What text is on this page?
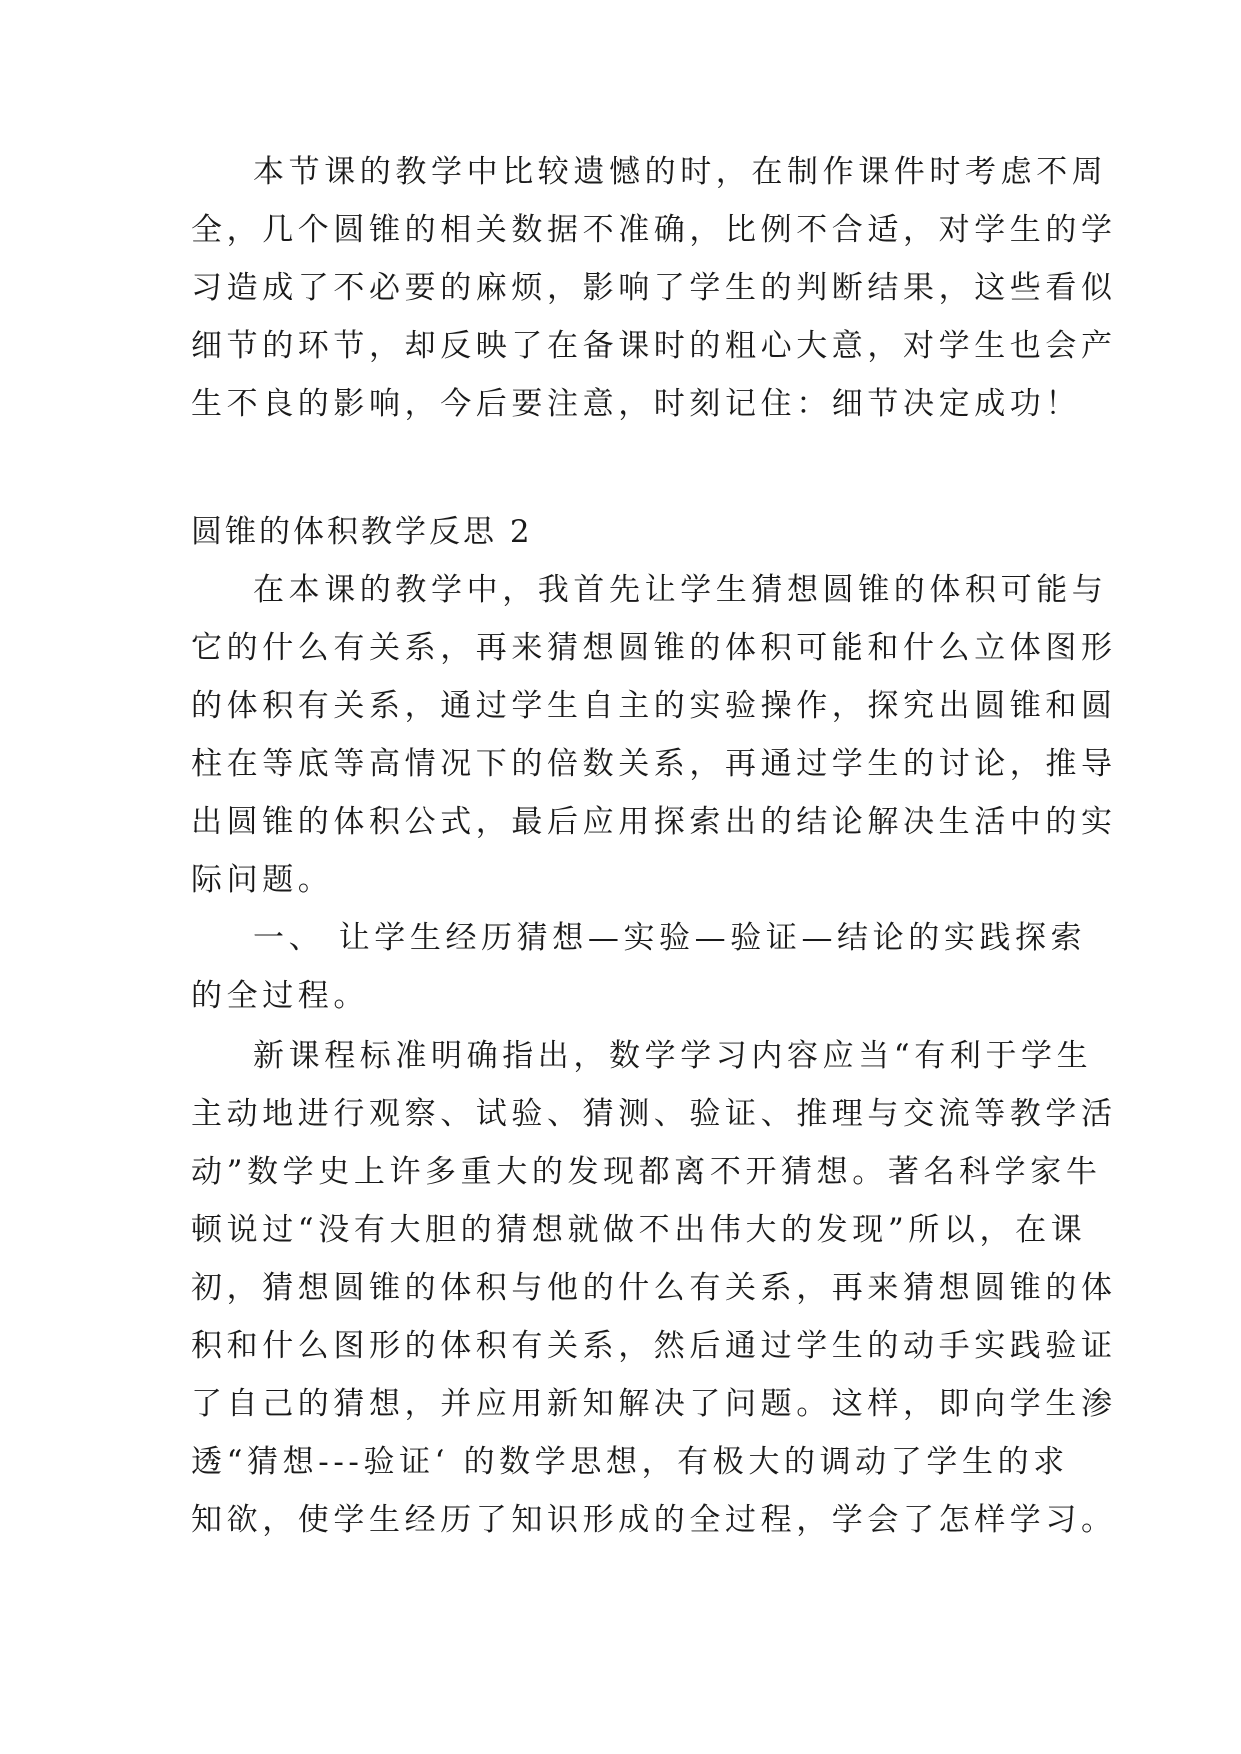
本节课的教学中比较遗憾的时，在制作课件时考虑不周
全，几个圆锥的相关数据不准确，比例不合适，对学生的学
习造成了不必要的麻烦，影响了学生的判断结果，这些看似
细节的环节，却反映了在备课时的粗心大意，对学生也会产
生不良的影响，今后要注意，时刻记住：细节决定成功！
圆锥的体积教学反思 2
在本课的教学中，我首先让学生猜想圆锥的体积可能与
它的什么有关系，再来猜想圆锥的体积可能和什么立体图形
的体积有关系，通过学生自主的实验操作，探究出圆锥和圆
柱在等底等高情况下的倍数关系，再通过学生的讨论，推导
出圆锥的体积公式，最后应用探索出的结论解决生活中的实
际问题。
一、 让学生经历猜想—实验—验证—结论的实践探索
的全过程。
新课程标准明确指出，数学学习内容应当“有利于学生
主动地进行观察、试验、猜测、验证、推理与交流等教学活
动”数学史上许多重大的发现都离不开猜想。著名科学家牛
顿说过“没有大胆的猜想就做不出伟大的发现”所以，在课
初，猜想圆锥的体积与他的什么有关系，再来猜想圆锥的体
积和什么图形的体积有关系，然后通过学生的动手实践验证
了自己的猜想，并应用新知解决了问题。这样，即向学生渗
透“猜想---验证‘ 的数学思想，有极大的调动了学生的求
知欲，使学生经历了知识形成的全过程，学会了怎样学习。
